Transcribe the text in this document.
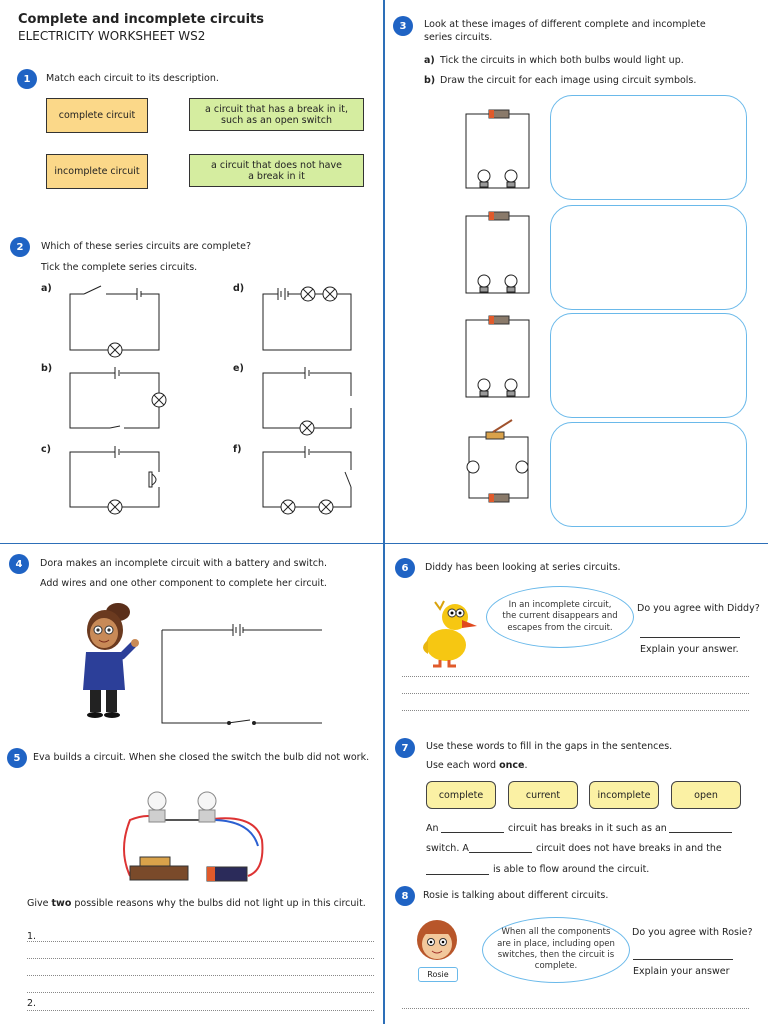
Complete and incomplete circuits
ELECTRICITY WORKSHEET WS2
1	Match each circuit to its description.
complete circuit
incomplete circuit
a circuit that has a break in it, such as an open switch
a circuit that does not have a break in it
2	Which of these series circuits are complete?
Tick the complete series circuits.
a)
b)
c)
d)
e)
f)
3	Look at these images of different complete and incomplete series circuits.
a) Tick the circuits in which both bulbs would light up.
b) Draw the circuit for each image using circuit symbols.
4	Dora makes an incomplete circuit with a battery and switch.
Add wires and one other component to complete her circuit.
5	Eva builds a circuit. When she closed the switch the bulb did not work.
Give two possible reasons why the bulbs did not light up in this circuit.
1.
2.
6	Diddy has been looking at series circuits.
In an incomplete circuit, the current disappears and escapes from the circuit.
Do you agree with Diddy?
Explain your answer.
7	Use these words to fill in the gaps in the sentences.
Use each word once.
complete	current	incomplete	open
An	circuit has breaks in it such as an
switch. A	circuit does not have breaks in and the
is able to flow around the circuit.
8	Rosie is talking about different circuits.
Rosie
When all the components are in place, including open switches, then the circuit is complete.
Do you agree with Rosie?
Explain your answer
